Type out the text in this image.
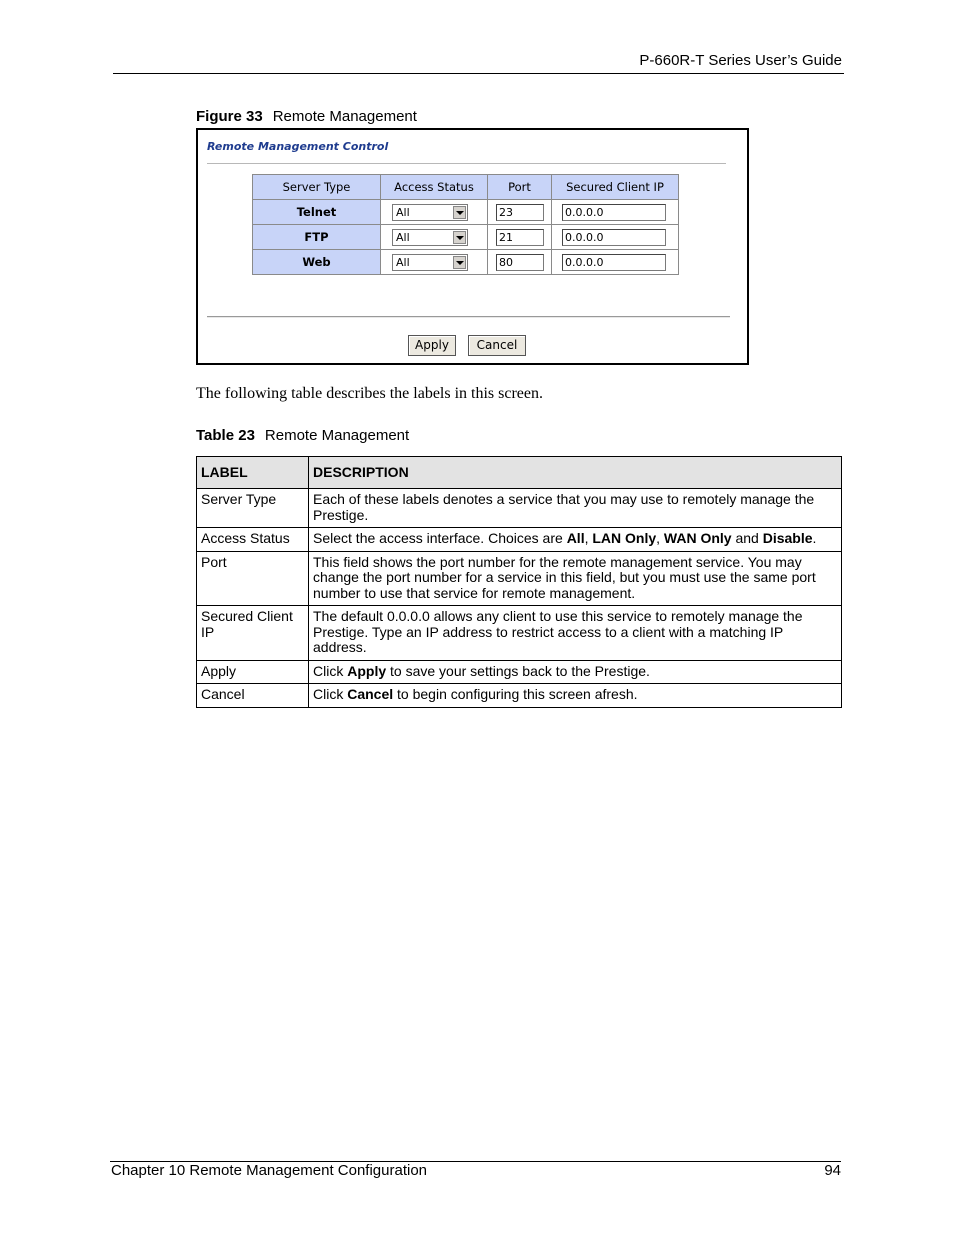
P-660R-T Series User’s Guide
Figure 33 Remote Management
Remote Management Control
Server Type	Access Status	Port	Secured Client IP
Telnet	All	23	0.0.0.0
FTP	All	21	0.0.0.0
Web	All	80	0.0.0.0
Apply	Cancel
The following table describes the labels in this screen.
Table 23 Remote Management
LABEL	DESCRIPTION
Server Type	Each of these labels denotes a service that you may use to remotely manage the Prestige.
Access Status	Select the access interface. Choices are All, LAN Only, WAN Only and Disable.
Port	This field shows the port number for the remote management service. You may change the port number for a service in this field, but you must use the same port number to use that service for remote management.
Secured Client IP	The default 0.0.0.0 allows any client to use this service to remotely manage the Prestige. Type an IP address to restrict access to a client with a matching IP address.
Apply	Click Apply to save your settings back to the Prestige.
Cancel	Click Cancel to begin configuring this screen afresh.
Chapter 10 Remote Management Configuration	94
